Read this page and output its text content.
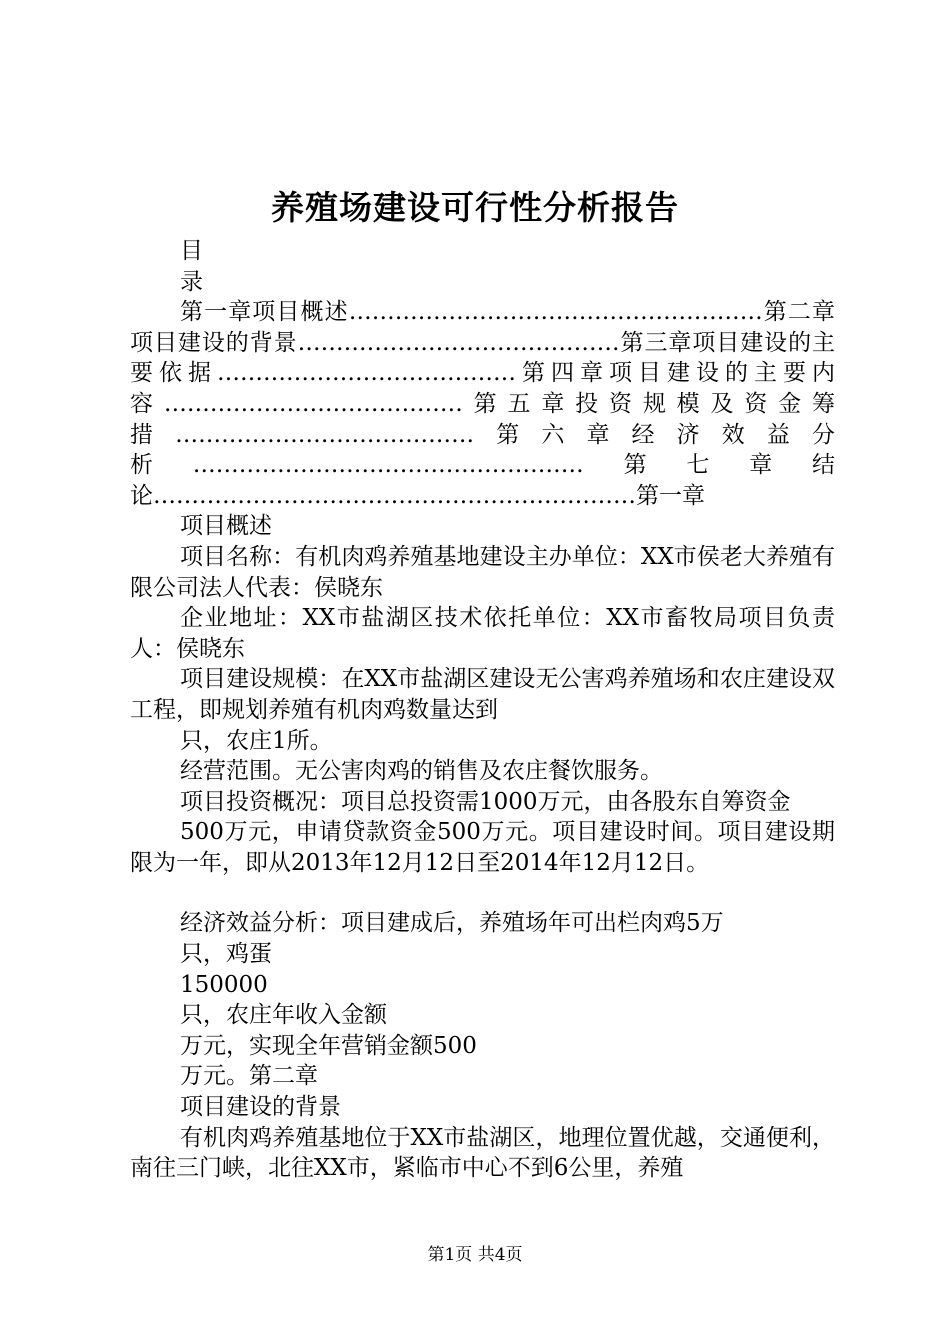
养殖场建设可行性分析报告

目

录

第一章项目概述………………………………………………第二章项目建设的背景……………………………………第三章项目建设的主要依据…………………………………第四章项目建设的主要内容…………………………………第五章投资规模及资金筹措…………………………………第六章经济效益分析……………………………………………第七章结论………………………………………………………第一章

项目概述

项目名称：有机肉鸡养殖基地建设主办单位：XX市侯老大养殖有限公司法人代表：侯晓东

企业地址：XX市盐湖区技术依托单位：XX市畜牧局项目负责人：侯晓东

项目建设规模：在XX市盐湖区建设无公害鸡养殖场和农庄建设双工程，即规划养殖有机肉鸡数量达到

只，农庄1所。

经营范围。无公害肉鸡的销售及农庄餐饮服务。

项目投资概况：项目总投资需1000万元，由各股东自筹资金

500万元，申请贷款资金500万元。项目建设时间。项目建设期限为一年，即从2013年12月12日至2014年12月12日。

经济效益分析：项目建成后，养殖场年可出栏肉鸡5万

只，鸡蛋

150000

只，农庄年收入金额

万元，实现全年营销金额500

万元。第二章

项目建设的背景

有机肉鸡养殖基地位于XX市盐湖区，地理位置优越，交通便利，南往三门峡，北往XX市，紧临市中心不到6公里，养殖

第1页 共4页
